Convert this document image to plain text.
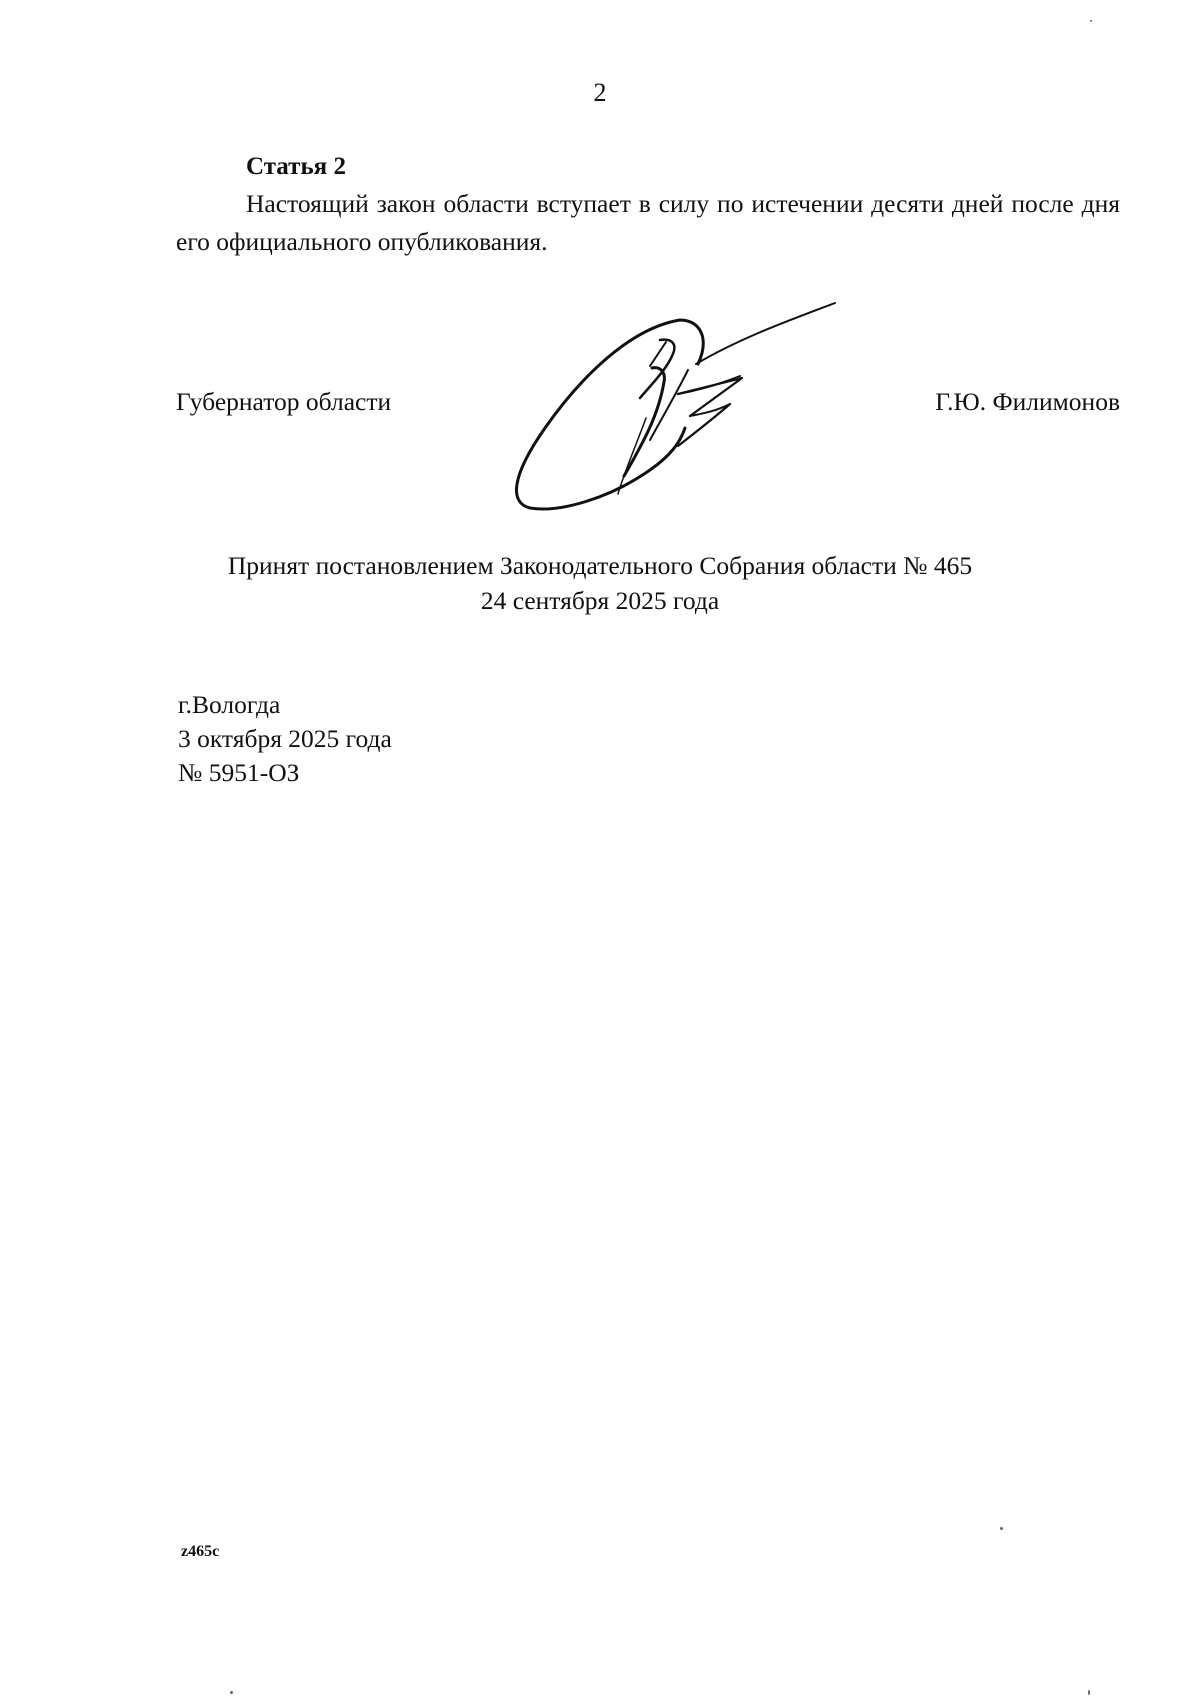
2
Статья 2

Настоящий закон области вступает в силу по истечении десяти дней после дня его официального опубликования.

Губернатор области	Г.Ю. Филимонов
Принят постановлением Законодательного Собрания области № 465
24 сентября 2025 года
г.Вологда
3 октября 2025 года
№ 5951-ОЗ
z465c
